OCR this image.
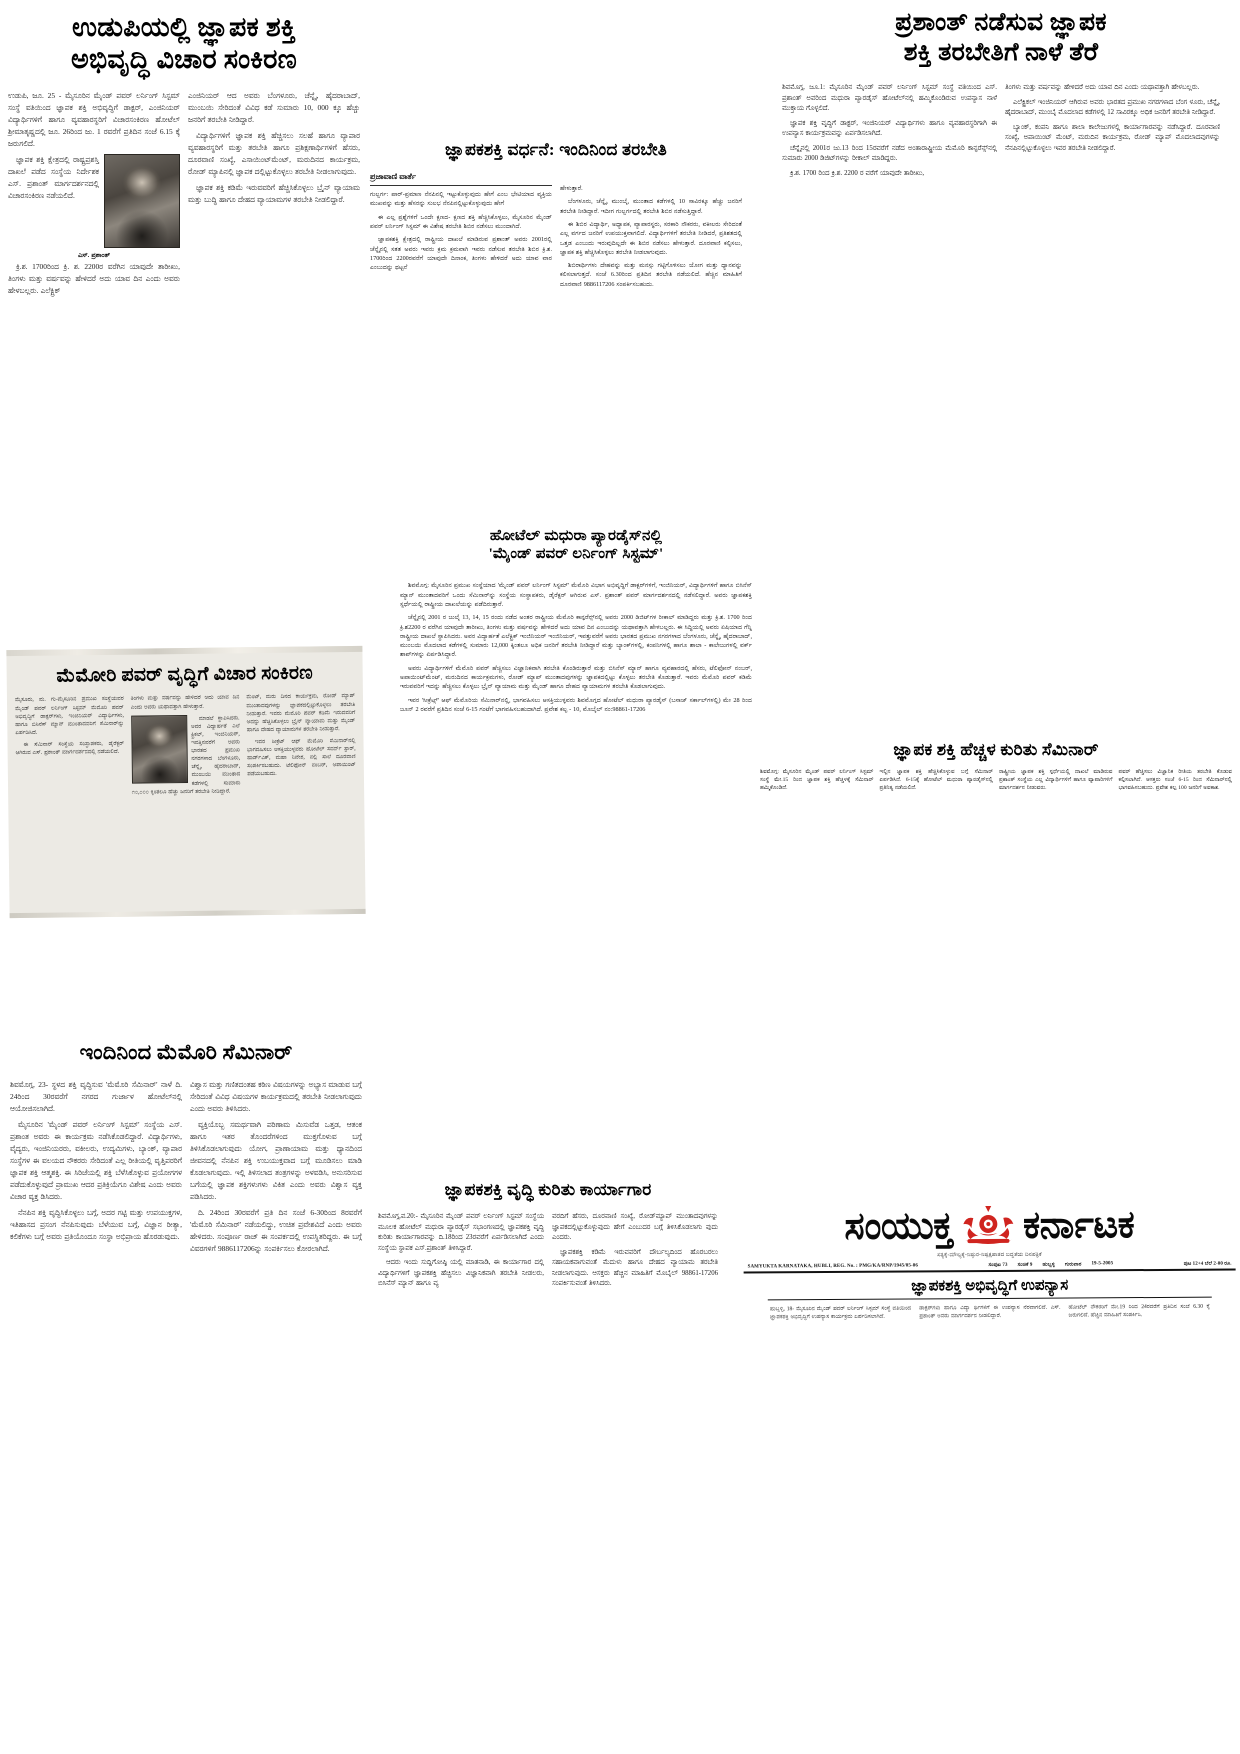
ಉಡುಪಿಯಲ್ಲಿ ಜ್ಞಾಪಕ ಶಕ್ತಿ
ಅಭಿವೃದ್ಧಿ ವಿಚಾರ ಸಂಕಿರಣ

ಉಡುಪಿ, ಜೂ. 25 - ಮೈಸೂರಿನ ಮೈಂಡ್ ಪವರ್ ಲರ್ನಿಂಗ್ ಸಿಸ್ಟಮ್ ಸಂಸ್ಥೆ ವತಿಯಿಂದ ಜ್ಞಾಪಕ ಶಕ್ತಿ ಅಭಿವೃದ್ಧಿಗೆ ಡಾಕ್ಟರ್, ಎಂಜಿನಿಯರ್ ವಿದ್ಯಾರ್ಥಿಗಳಿಗೆ ಹಾಗೂ ವ್ಯವಹಾರಸ್ಥರಿಗೆ ವಿಚಾರಸಂಕಿರಣ ಹೋಟೆಲ್ ಶ್ರೀಮಾತೃಷ್ಣದಲ್ಲಿ ಜೂ. 26ರಿಂದ ಜು. 1 ರವರೆಗೆ ಪ್ರತಿದಿನ ಸಂಜೆ 6.15 ಕ್ಕೆ ಜರುಗಲಿದೆ.

ಜ್ಞಾಪಕ ಶಕ್ತಿ ಕ್ಷೇತ್ರದಲ್ಲಿ ರಾಷ್ಟ್ರಪ್ರಶಸ್ತಿ ದಾಖಲೆ ಪಡೆದ ಸಂಸ್ಥೆಯ ನಿರ್ದೇಶಕ ಎಸ್. ಪ್ರಶಾಂತ್ ಮಾರ್ಗದರ್ಶನದಲ್ಲಿ ವಿಚಾರಸಂಕಿರಣ ನಡೆಯಲಿದೆ.

ಎಸ್. ಪ್ರಶಾಂತ್

ಕ್ರಿ.ಶ. 1700ರಿಂದ ಕ್ರಿ. ಶ. 2200ರ ವರೆಗಿನ ಯಾವುದೇ ತಾರೀಖು, ತಿಂಗಳು ಮತ್ತು ವರ್ಷವನ್ನು ಹೇಳಿದರೆ ಅದು ಯಾವ ದಿನ ಎಂದು ಅವರು ಹೇಳಬಲ್ಲರು. ಎಲೆಕ್ಟ್ರಿಕ್

ಎಂಜಿನಿಯರ್ ಆದ ಅವರು ಬೆಂಗಳೂರು, ಚೆನ್ನೈ, ಹೈದರಾಬಾದ್, ಮುಂಬಯಿ ಸೇರಿದಂತೆ ವಿವಿಧ ಕಡೆ ಸುಮಾರು 10, 000 ಕ್ಕೂ ಹೆಚ್ಚು ಜನರಿಗೆ ತರಬೇತಿ ನೀಡಿದ್ದಾರೆ.

ವಿದ್ಯಾರ್ಥಿಗಳಿಗೆ ಜ್ಞಾಪಕ ಶಕ್ತಿ ಹೆಚ್ಚಿಸಲು ಸಲಹೆ ಹಾಗೂ ವ್ಯಾಪಾರ ವ್ಯವಹಾರಸ್ಥರಿಗೆ ಮತ್ತು ತರಬೇತಿ ಹಾಗೂ ಪ್ರಶಿಕ್ಷಣಾರ್ಥಿಗಳಿಗೆ ಹೆಸರು, ದೂರವಾಣಿ ಸಂಖ್ಯೆ, ಎಸಾಯಿಂಟ್‌ಮೆಂಟ್, ಮರುದಿನದ ಕಾರ್ಯಕ್ರಮ, ರೋಡ್ ಮ್ಯಾಪಿನಲ್ಲಿ ಜ್ಞಾಪಕ ದಲ್ಲಿಟ್ಟುಕೊಳ್ಳಲು ತರಬೇತಿ ನೀಡಲಾಗುವುದು.

ಜ್ಞಾಪಕ ಶಕ್ತಿ ಕಡಿಮೆ ಇರುವವರಿಗೆ ಹೆಚ್ಚಿಸಿಕೊಳ್ಳಲು ಬ್ರೈನ್ ವ್ಯಾಯಾಮ ಮತ್ತು ಬುದ್ಧಿ ಹಾಗೂ ದೇಹದ ವ್ಯಾಯಾಮಗಳ ತರಬೇತಿ ನೀಡಲಿದ್ದಾರೆ.

ಜ್ಞಾಪಕಶಕ್ತಿ ವರ್ಧನೆ: ಇಂದಿನಿಂದ ತರಬೇತಿ
ಪ್ರಜಾವಾಣಿ ವಾರ್ತೆ

ಗುಲ್ಬರ್ಗ: ಪಾರ್-ಪ್ರಮಾಣ ನೆನಪಿನಲ್ಲಿ ಇಟ್ಟುಕೊಳ್ಳುವುದು ಹೇಗೆ ಎಂಬ ಭೇಟಿಯಾದ ವ್ಯಕ್ತಿಯ ಮುಖವನ್ನು ಮತ್ತು ಹೆಸರನ್ನು ಸುಲಭ ನೆನಪಿನಲ್ಲಿಟ್ಟುಕೊಳ್ಳುವುದು ಹೇಗೆ

ಈ ಎಲ್ಲ ಪ್ರಶ್ನೆಗಳಿಗೆ ಒಂದೇ ಕ್ಷಣದ- ಕ್ಷಣದ ಶಕ್ತಿ ಹೆಚ್ಚಿಸಿಕೊಳ್ಳಲು, ಮೈಸೂರಿನ ಮೈಂಡ್ ಪವರ್ ಲರ್ನಿಂಗ್ ಸಿಸ್ಟಮ್ ಈ ವಿಶೇಷ ತರಬೇತಿ ಶಿಬಿರ ನಡೆಸಲು ಮುಂದಾಗಿದೆ.

ಜ್ಞಾಪಕಶಕ್ತಿ ಕ್ಷೇತ್ರದಲ್ಲಿ ರಾಷ್ಟ್ರೀಯ ದಾಖಲೆ ಮಾಡಿರುವ ಪ್ರಶಾಂತ್ ಅವರು 2001ರಲ್ಲಿ ಚೆನ್ನೈನಲ್ಲಿ ಸತತ ಅವರು ಇವರು ಕ್ರಮ ಕ್ರಮವಾಗಿ ಇವರು ನಡೆಸುವ ತರಬೇತಿ ಶಿಬಿರ ಕ್ರಿ.ಶ. 1700ರಿಂದ 2200ರವರೆಗೆ ಯಾವುದೇ ದಿನಾಂಕ, ತಿಂಗಳು ಹೇಳಿದರೆ ಅದು ಯಾವ ವಾರ ಎಂಬುದನ್ನು ಥಟ್ಟನೆ

ಹೇಳುತ್ತಾರೆ.

ಬೆಂಗಳೂರು, ಚೆನ್ನೈ, ಮುಂಬೈ, ಮುಂತಾದ ಕಡೆಗಳಲ್ಲಿ 10 ಸಾವಿರಕ್ಕೂ ಹೆಚ್ಚು ಜನರಿಗೆ ತರಬೇತಿ ನೀಡಿದ್ದಾರೆ. ಇದೀಗ ಗುಲ್ಬರ್ಗದಲ್ಲಿ ತರಬೇತಿ ಶಿಬಿರ ನಡೆಸುತ್ತಿದ್ದಾರೆ.

ಈ ಶಿಬಿರ ವಿದ್ಯಾರ್ಥಿ, ಅಧ್ಯಾಪಕ, ವ್ಯಾಪಾರಸ್ಥರು, ಸರಕಾರಿ ನೌಕರರು, ವಕೀಲರು ಸೇರಿದಂತೆ ಎಲ್ಲ ವರ್ಗದ ಜನರಿಗೆ ಉಪಯುಕ್ತವಾಗಲಿದೆ. ವಿದ್ಯಾರ್ಥಿಗಳಿಗೆ ತರಬೇತಿ ನೀಡಿದರೆ, ಪ್ರತಿಶತದಲ್ಲಿ ಒತ್ತಡ ಎಂಬುದು ಇರುವುದಿಲ್ಲದೇ ಈ ಶಿಬಿರ ನಡೆಸಲು ಹೇಳುತ್ತಾರೆ. ದೂರವಾಣಿ ಕಲ್ಪಿಸಲು, ಜ್ಞಾಪಕ ಶಕ್ತಿ ಹೆಚ್ಚಿಸಿಕೊಳ್ಳಲು ತರಬೇತಿ ನೀಡಲಾಗುವುದು.

ಶಿಬಿರಾರ್ಥಿಗಳು ದೇಹವನ್ನು ಮತ್ತು ಮನಸ್ಸು ಗಟ್ಟಿಗೊಳಿಸಲು ಯೋಗ ಮತ್ತು ಧ್ಯಾನವನ್ನು ಕಲಿಸಲಾಗುತ್ತದೆ. ಸಂಜೆ 6.30ರಿಂದ ಪ್ರತಿದಿನ ತರಬೇತಿ ನಡೆಯಲಿದೆ. ಹೆಚ್ಚಿನ ಮಾಹಿತಿಗೆ ದೂರವಾಣಿ 9886117206 ಸಂಪರ್ಕಿಸಬಹುದು.

ಪ್ರಶಾಂತ್ ನಡೆಸುವ ಜ್ಞಾಪಕ
ಶಕ್ತಿ ತರಬೇತಿಗೆ ನಾಳೆ ತೆರೆ

ಶಿವಮೊಗ್ಗ, ಜೂ.1: ಮೈಸೂರಿನ ಮೈಂಡ್ ಪವರ್ ಲರ್ನಿಂಗ್ ಸಿಸ್ಟಮ್ ಸಂಸ್ಥೆ ವತಿಯಿಂದ ಎಸ್. ಪ್ರಶಾಂತ್ ಅವರಿಂದ ಮಧುರಾ ಪ್ಯಾರಡೈಸ್ ಹೋಟೆಲ್‌ನಲ್ಲಿ ಹಮ್ಮಿಕೊಂಡಿರುವ ಉಪನ್ಯಾಸ ನಾಳೆ ಮುಕ್ತಾಯ ಗೊಳ್ಳಲಿದೆ.

ಜ್ಞಾಪಕ ಶಕ್ತಿ ವೃದ್ಧಿಗೆ ಡಾಕ್ಟರ್, ಇಂಜಿನಿಯರ್ ವಿದ್ಯಾರ್ಥಿಗಳು ಹಾಗೂ ವ್ಯವಹಾರಸ್ಥರಿಗಾಗಿ ಈ ಉಪನ್ಯಾಸ ಕಾರ್ಯಕ್ರಮವನ್ನು ಏರ್ಪಡಿಸಲಾಗಿದೆ.

ಚೆನ್ನೈನಲ್ಲಿ 2001ರ ಜು.13 ರಿಂದ 15ರವರೆಗೆ ನಡೆದ ಅಂತಾರಾಷ್ಟ್ರೀಯ ಮೆಮೊರಿ ಕಾನ್ಫರೆನ್ಸ್‌ನಲ್ಲಿ ಸುಮಾರು 2000 ಡಿಜಿಟ್‌ಗಳನ್ನು ರೀಕಾಲ್ ಮಾಡಿದ್ದರು.

ಕ್ರಿ.ಶ. 1700 ರಿಂದ ಕ್ರಿ.ಶ. 2200 ರ ವರೆಗೆ ಯಾವುದೇ ತಾರೀಖು,

ತಿಂಗಳು ಮತ್ತು ವರ್ಷವನ್ನು ಹೇಳಿದರೆ ಅದು ಯಾವ ದಿನ ಎಂದು ಯಥಾವತ್ತಾಗಿ ಹೇಳಬಲ್ಲರು.

ಎಲೆಕ್ಟ್ರಿಕಲ್ ಇಂಜಿನಿಯರ್ ಆಗಿರುವ ಅವರು ಭಾರತದ ಪ್ರಮುಖ ನಗರಗಳಾದ ಬೆಂಗ ಳೂರು, ಚೆನ್ನೈ, ಹೈದರಾಬಾದ್, ಮುಂಬೈ ಮೊದಲಾದ ಕಡೆಗಳಲ್ಲಿ 12 ಸಾವಿರಕ್ಕೂ ಅಧಿಕ ಜನರಿಗೆ ತರಬೇತಿ ನೀಡಿದ್ದಾರೆ.

ಬ್ಯಾಂಕ್, ಕಂಪನಿ ಹಾಗೂ ಶಾಲಾ ಕಾಲೇಜುಗಳಲ್ಲಿ ಕಾರ್ಯಾಗಾರವನ್ನು ನಡೆಸಿದ್ದಾರೆ. ದೂರವಾಣಿ ಸಂಖ್ಯೆ, ಅಪಾಯಿಂಟ್ ಮೆಂಟ್, ಮರುದಿನ ಕಾರ್ಯಕ್ರಮ, ರೋಡ್ ಮ್ಯಾಪ್ ಮೊದಲಾದವುಗಳನ್ನು ನೆನಪಿನಲ್ಲಿಟ್ಟುಕೊಳ್ಳಲು ಇವರ ತರಬೇತಿ ನೀಡಲಿದ್ದಾರೆ.

ಹೋಟೆಲ್ ಮಧುರಾ ಪ್ಯಾರಡೈಸ್‌ನಲ್ಲಿ
'ಮೈಂಡ್ ಪವರ್ ಲರ್ನಿಂಗ್ ಸಿಸ್ಟಮ್'

ಶಿವಮೊಗ್ಗ: ಮೈಸೂರಿನ ಪ್ರಮುಖ ಸಂಸ್ಥೆಯಾದ 'ಮೈಂಡ್ ಪವರ್ ಲರ್ನಿಂಗ್ ಸಿಸ್ಟಮ್' ಮೆಮೊರಿ ವಿಭಾಗ ಅಭಿವೃದ್ಧಿಗೆ ಡಾಕ್ಟರ್‌ಗಳಿಗೆ, ಇಂಜಿನಿಯರ್, ವಿದ್ಯಾರ್ಥಿಗಳಿಗೆ ಹಾಗೂ ಬಿಸಿನೆಸ್ ಮ್ಯಾನ್ ಮುಂತಾದವರಿಗೆ ಒಂದು ಸೆಮಿನಾರ್‌ನ್ನು ಸಂಸ್ಥೆಯ ಸಂಸ್ಥಾಪಕರು, ಡೈರೆಕ್ಟರ್ ಆಗಿರುವ ಎಸ್. ಪ್ರಶಾಂತ್ ಪವರ್ ಮಾರ್ಗದರ್ಶನದಲ್ಲಿ ನಡೆಸಲಿದ್ದಾರೆ. ಅವರು ಜ್ಞಾಪಕಶಕ್ತಿ ಸ್ಪರ್ಧೆಯಲ್ಲಿ ರಾಷ್ಟ್ರೀಯ ದಾಖಲೆಯನ್ನು ಪಡೆದಿರುತ್ತಾರೆ.

ಚೆನ್ನೈನಲ್ಲಿ 2001 ರ ಜುಲೈ 13, 14, 15 ರಂದು ನಡೆದ ಅಂತರ ರಾಷ್ಟ್ರೀಯ ಮೆಮೊರಿ ಕಾನ್ಫರೆನ್ಸ್‌ನಲ್ಲಿ ಅವರು 2000 ಡಿಜಿಟ್‌ಗಳ ರೀಕಾಲ್ ಮಾಡಿದ್ದರು ಮತ್ತು ಕ್ರಿ.ಶ. 1700 ರಿಂದ ಕ್ರಿ.ಶ2200 ರ ವರೆಗಿನ ಯಾವುದೇ ತಾರೀಖು, ತಿಂಗಳು ಮತ್ತು ವರ್ಷವನ್ನು ಹೇಳಿದರೆ ಅದು ಯಾವ ದಿನ ಎಂಬುದನ್ನು ಯಥಾವತ್ತಾಗಿ ಹೇಳಬಲ್ಲರು. ಈ ಸಿದ್ಧಿಯಲ್ಲಿ ಅವರು ಏಷಿಯಾದ ಗೆನ್ನಿ ರಾಷ್ಟ್ರೀಯ ದಾಖಲೆ ಸ್ಥಾಪಿಸಿದರು. ಅವರ ವಿದ್ಯಾರ್ಹತೆ ಎಲೆಕ್ಟ್ರಿಕ್ ಇಂಜಿನಿಯರ್ ಇಂಜಿನಿಯರ್, ಇವತ್ತುವರೆಗೆ ಅವರು ಭಾರತದ ಪ್ರಮುಖ ನಗರಗಳಾದ ಬೆಂಗಳೂರು, ಚೆನ್ನೈ, ಹೈದರಾಬಾದ್, ಮುಂಬಯಿ ಮೊದಲಾದ ಕಡೆಗಳಲ್ಲಿ ಸುಮಾರು 12,000 ಕ್ಕಿಂತಲೂ ಅಧಿಕ ಜನರಿಗೆ ತರಬೇತಿ ನೀಡಿದ್ದಾರೆ ಮತ್ತು ಬ್ಯಾಂಕ್‌ಗಳಲ್ಲಿ, ಕಂಪನಿಗಳಲ್ಲಿ ಹಾಗೂ ಶಾಲಾ - ಕಾಲೇಜುಗಳಲ್ಲಿ ವರ್ಕ್ ಶಾಪ್‌ಗಳನ್ನು ಏರ್ಪಡಿಸಿದ್ದಾರೆ.

ಅವರು ವಿದ್ಯಾರ್ಥಿಗಳಿಗೆ ಮೆಮೊರಿ ಪವರ್ ಹೆಚ್ಚಿಸಲು ವಿಜ್ಞಾನಿಕವಾಗಿ ತರಬೇತಿ ಕೊಂಡಿರುತ್ತಾರೆ ಮತ್ತು ಬಿಸಿನೆಸ್ ಮ್ಯಾನ್ ಹಾಗೂ ವ್ಯವಹಾರದಲ್ಲಿ ಹೆಸರು, ಟೆಲಿಫೋನ್ ನಂಬರ್, ಅಪಾಯಿಂಟ್‌ಮೆಂಟ್, ಮರುದಿನದ ಕಾರ್ಯಕ್ರಮಗಳು, ರೋಡ್ ಮ್ಯಾಪ್ ಮುಂತಾದವುಗಳನ್ನು ಜ್ಞಾಪಕದಲ್ಲಿಟ್ಟು ಕೊಳ್ಳಲು ತರಬೇತಿ ಕೊಡುತ್ತಾರೆ. ಇವರು ಮೆಮೊರಿ ಪವರ್ ಕಡಿಮೆ ಇರುವವರಿಗೆ ಇದನ್ನು ಹೆಚ್ಚಿಸಲು ಕೊಳ್ಳಲು ಬ್ರೈನ್ ವ್ಯಾಯಾಮ ಮತ್ತು ಮೈಂಡ್ ಹಾಗೂ ದೇಹದ ವ್ಯಾಯಾಮಗಳ ತರಬೇತಿ ಕೊಡಲಾಗುವುದು.

ಇವರ 'ಸೀಕ್ರೆಟ್ಸ್' ಆಫ್ ಮೆಮೊರಿಯ ಸೆಮಿನಾರ್‌ನಲ್ಲಿ, ಭಾಗವಹಿಸಲು ಆಸಕ್ತಿಯುಳ್ಳವರು ಶಿವಮೊಗ್ಗದ ಹೋಟೆಲ್ ಮಧುರಾ ಪ್ಯಾರಡೈಸ್ (ಬಸಾಜ್ ಸರ್ಕಾಲ್‌ಗಳಲ್ಲಿ) ಮೇ 28 ರಿಂದ ಜೂನ್ 2 ರವರೆಗೆ ಪ್ರತಿದಿನ ಸಂಜೆ 6-15 ಗಂಟೆಗೆ ಭಾಗವಹಿಸಬಹುದಾಗಿದೆ. ಪ್ರವೇಶ ಕಲ್ಪ - 10, ಮೊಬೈಲ್ ನಂ:98861-17206

ಮೆಮೋರಿ ಪವರ್ ವೃದ್ಧಿಗೆ ವಿಚಾರ ಸಂಕಿರಣ

ಮೈಸೂರು, ಮ. ಗು-ಮೈಸೂರಿನ ಪ್ರಮುಖ ಸಂಸ್ಥೆಯವರ ಮೈಂಡ್ ಪವರ್ ಲರ್ನಿಂಗ್ ಸಿಸ್ಟಮ್ ಮೆಮೊರಿ ಪವರ್ ಅಭಿವೃದ್ಧಿಗೆ ಡಾಕ್ಟರ್‌ಗಳು, ಇಂಜಿನಿಯರ್ ವಿದ್ಯಾರ್ಥಿಗಳು, ಹಾಗೂ ಬಿಸಿನೆಸ್ ಮ್ಯಾನ್ ಮುಂತಾದವರಿಗೆ ಸೆಮಿನಾರ್‌ನ್ನು ಏರ್ಪಡಿಸಿದೆ.

ಈ ಸೆಮಿನಾರ್ ಸಂಸ್ಥೆಯ ಸಂಸ್ಥಾಪಕರು, ಡೈರೆಕ್ಟರ್ ಆಗಿರುವ ಎಸ್. ಪ್ರಶಾಂತ್ ಮಾರ್ಗದರ್ಶನದಲ್ಲಿ ನಡೆಯಲಿದೆ.

ತಿಂಗಳು ಮತ್ತು ವರ್ಷವನ್ನು ಹೇಳಿದರೆ ಅದು ಯಾವ ದಿನ ಎಂದು ಅವರು ಯಥಾವತ್ತಾಗಿ ಹೇಳುತ್ತಾರೆ.

ಮಾಡಲೆ ಸ್ಥಾಪಿಸಿದರು. ಅವರ ವಿದ್ಯಾರ್ಹತೆ ಎಲೆ ಕ್ಟ್ರಿಕಲ್, ಇಂಜಿನಿಯರ್, ಇವತ್ತಿನವರೆಗೆ ಅವರು ಭಾರತದ ಪ್ರಮುಖ ನಗರಗಳಾದ ಬೆಂಗಳೂರು, ಚೆನ್ನೈ, ಹೈದರಾಬಾದ್, ಮುಂಬಯಿ ಮುಂತಾದ ಕಡೆಗಳಲ್ಲಿ ಸುಮಾರು ೧೦,೦೦೦ ಕ್ಕಿಂತಲೂ ಹೆಚ್ಚು ಜನರಿಗೆ ತರಬೇತಿ ನೀಡಿದ್ದಾರೆ.

ಮೆಂಟ್, ಮರು ದಿನದ ಕಾರ್ಯಕ್ರಮ, ರೋಡ್ ಮ್ಯಾಪ್ ಮುಂತಾದವುಗಳನ್ನು ಜ್ಞಾಪಕದಲ್ಲಿಟ್ಟುಕೊಳ್ಳಲು ತರಬೇತಿ ನೀಡುತ್ತಾರೆ. ಇವರು ಮೆಮೊರಿ ಪವರ್ ಕಡಿಮೆ ಇರುವವರಿಗೆ ಅದನ್ನು ಹೆಚ್ಚಿಸಿಕೊಳ್ಳಲು ಬ್ರೈನ್ ವ್ಯಾಯಾಮ ಮತ್ತು ಮೈಂಡ್ ಹಾಗೂ ದೇಹದ ವ್ಯಾಯಾಮಗಳ ತರಬೇತಿ ನೀಡುತ್ತಾರೆ.

ಇವರ ಸೀಕ್ರೆಟ್ ಆಫ್ ಮೆಮೊರಿ ಸೆಮಿನಾರ್‌ನಲ್ಲಿ ಭಾಗವಹಿಸಲು ಆಸಕ್ತಿಯುಳ್ಳವರು ಹೋಟೆಲ್ ಸದರ್ನ್ ಸ್ಟಾರ್, ಹಾರ್ಡ್‌ವಿಕ್, ಮಹಾ ನಿವೇಶ, ನಲ್ಲಿ ಸಾಲೆ ದೂರವಾಣಿ ಸಂಪರ್ಕಿಸಬಹುದು. ಟೆಲಿಫೋನ್ ನಂಬರ್, ಅಪಾಯಿಂಟ್ ಪಡೆಯಬಹುದು.

ಜ್ಞಾಪಕ ಶಕ್ತಿ ಹೆಚ್ಚಳ ಕುರಿತು ಸೆಮಿನಾರ್

ಶಿವಮೊಗ್ಗ: ಮೈಸೂರಿನ ಮೈಂಡ್ ಪವರ್ ಲರ್ನಿಂಗ್ ಸಿಸ್ಟಮ್ ಸಂಸ್ಥೆ ಮೇ.15 ರಿಂದ ಜ್ಞಾಪಕ ಶಕ್ತಿ ಹೆಚ್ಚಳಕ್ಕೆ ಸೆಮಿನಾರ್ ಹಮ್ಮಿಕೊಂಡಿದೆ.

ಇಲ್ಲಿನ ಜ್ಞಾಪಕ ಶಕ್ತಿ ಹೆಚ್ಚಿಸಿಕೊಳ್ಳುವ ಬಗ್ಗೆ ಸೆಮಿನಾರ್ ಏರ್ಪಡಿಸಿದೆ. 6-15ಕ್ಕೆ ಹೋಟೆಲ್ ಮಧುರಾ ಪ್ಯಾರಡೈಸ್‌ನಲ್ಲಿ ಪ್ರತಿನಿತ್ಯ ನಡೆಯಲಿದೆ.

ರಾಷ್ಟ್ರೀಯ ಜ್ಞಾಪಕ ಶಕ್ತಿ ಸ್ಪರ್ಧೆಯಲ್ಲಿ ದಾಖಲೆ ಮಾಡಿರುವ ಪ್ರಶಾಂತ್ ಸಂಸ್ಥೆಯ ಎಲ್ಲ ವಿದ್ಯಾರ್ಥಿಗಳಿಗೆ ಹಾಗೂ ವ್ಯಾಪಾರಿಗಳಿಗೆ ಮಾರ್ಗದರ್ಶನ ನೀಡುವರು.

ಪವರ್ ಹೆಚ್ಚಿಸಲು ವಿಜ್ಞಾನಿಕ ರೀತಿಯ ತರಬೇತಿ ಕೊಡುವ ಕಲ್ಪಿಸಲಾಗಿದೆ. ಆಸಕ್ತರು ಸಂಜೆ 6-15 ರಿಂದ ಸೆಮಿನಾರ್‌ನಲ್ಲಿ ಭಾಗವಹಿಸಬಹುದು. ಪ್ರವೇಶ ಕಲ್ಪ 100 ಜನರಿಗೆ ಅವಕಾಶ.

ಇಂದಿನಿಂದ ಮೆಮೊರಿ ಸೆಮಿನಾರ್

ಶಿವಮೊಗ್ಗ, 23- ಸ್ಥಳದ ಶಕ್ತಿ ವೃದ್ಧಿಸುವ 'ಮೆಮೊರಿ ಸೆಮಿನಾರ್' ನಾಳೆ ದಿ. 24ರಿಂದ 30ರವರೆಗೆ ನಗರದ ಗುರ್ಜಾಳ ಹೋಟೆಲ್‌ನಲ್ಲಿ ಆಯೋಜಿಸಲಾಗಿದೆ.

ಮೈಸೂರಿನ 'ಮೈಂಡ್ ಪವರ್ ಲರ್ನಿಂಗ್ ಸಿಸ್ಟಮ್' ಸಂಸ್ಥೆಯ ಎಸ್. ಪ್ರಶಾಂತ ಅವರು ಈ ಕಾರ್ಯಕ್ರಮ ನಡೆಸಿಕೊಡಲಿದ್ದಾರೆ. ವಿದ್ಯಾರ್ಥಿಗಳು, ವೈದ್ಯರು, ಇಂಜಿನಿಯರರು, ವಕೀಲರು, ಉದ್ಯಮಿಗಳು, ಬ್ಯಾಂಕ್, ವ್ಯಾಪಾರ ಸಂಸ್ಥೆಗಳ ಈ ವಲಯದ ನೌಕರರು ಸೇರಿದಂತೆ ಎಲ್ಲ ರೀತಿಯಲ್ಲಿ ವೃತ್ತಿಪರರಿಗೆ ಜ್ಞಾಪಕ ಶಕ್ತಿ ಆತ್ಮಶಕ್ತಿ. ಈ ಸಿರಿಜೆಯಲ್ಲಿ ಶಕ್ತಿ ಬೆಳೆಸಿಕೊಳ್ಳುವ ಪ್ರಯೋಗಗಳ ಪಡೆದುಕೊಳ್ಳುವುದೆ ಪ್ರಾಮುಖ ಆದರ ಪ್ರತಿಕ್ರಿಯೆಗೂ ವಿಶೇಷ ಎಂದು ಅವರು ವಿಚಾರ ವ್ಯಕ್ತ ಡಿಸಿದರು.

ನೆನಪಿನ ಶಕ್ತಿ ವೃದ್ಧಿಸಿಕೊಳ್ಳಲು ಬಗ್ಗೆ, ಅದರ ಗಟ್ಟಿ ಮತ್ತು ಉಪಯುಕ್ತಗಳ, ಇತಿಹಾಸದ ಪ್ರಸಂಗ ನೆನಪಿಸುವುದು ಬೆಳೆಯುವ ಬಗ್ಗೆ, ವಿಜ್ಞಾನ ರೀತ್ಯಾ, ಕಲಿಕೆಗಳು ಬಗ್ಗೆ ಅವರು ಪ್ರತಿಯೊಂದೂ ಸಂಸ್ಥಾ ಅಭಿಪ್ರಾಯ ಹೊರಡುವುದು.

ವಿಶ್ವಾಸ ಮತ್ತು ಗಣಿತದಂತಹ ಕಠಿಣ ವಿಷಯಗಳನ್ನು ಅಭ್ಯಾಸ ಮಾಡುವ ಬಗ್ಗೆ ಸೇರಿದಂತೆ ವಿವಿಧ ವಿಷಯಗಳ ಕಾರ್ಯಕ್ರಮದಲ್ಲಿ ತರಬೇತಿ ನೀಡಲಾಗುವುದು ಎಂದು ಅವರು ತಿಳಿಸಿದರು.

ವ್ಯಕ್ತಿಯೊಬ್ಬ ಸಮರ್ಥವಾಗಿ ಪರಿಣಾಮ ಮಿಸುವೆಡ ಒತ್ತಡ, ಆತಂಕ ಹಾಗೂ ಇತರ ತೊಂದರೆಗಳಿಂದ ಮುಕ್ತಗೊಳುವ ಬಗ್ಗೆ ತಿಳಿಸಿಕೊಡಲಾಗುವುದು ಯೋಗ, ಪ್ರಾಣಾಯಾಮ ಮತ್ತು ಧ್ಯಾನದಿಂದ ಜೀವನದಲ್ಲಿ ನೆನಪಿನ ಶಕ್ತಿ ಉಬಯುಕ್ತವಾದ ಬಗ್ಗೆ ಮೂಡಿಸಲು ಮಾಡಿ ಕೊಡಲಾಗುವುದು. ಇಲ್ಲಿ ತಿಳಿಸಲಾದ ತಂತ್ರಗಳನ್ನು ಅಳವಡಿಸಿ, ಅನುಸರಿಸುವ ಬಗೆಯಲ್ಲಿ ಜ್ಞಾಪಕ ಶಕ್ತಿಗಳುಗಳು ವಿಕಿತ ಎಂದು ಅವರು ವಿಶ್ವಾಸ ವ್ಯಕ್ತ ಪಡಿಸಿದರು.

ದಿ. 24ರಿಂದ 30ರವರೆಗೆ ಪ್ರತಿ ದಿನ ಸಂಜೆ 6-30ರಿಂದ 8ರವರೆಗೆ 'ಮೆಮೊರಿ ಸೆಮಿನಾರ್' ನಡೆಯಲಿದ್ದು, ಉಚಿತ ಪ್ರವೇಶವಿದೆ ಎಂದು ಅವರು ಹೇಳಿದರು. ಸಂಪೂರ್ಣ ರಾಜ್ ಈ ಸಂಪರ್ಕದಲ್ಲಿ ಉಪಸ್ಥಿತರಿದ್ದರು. ಈ ಬಗ್ಗೆ ವಿವರಗಳಿಗೆ 9886117206ನ್ನು ಸಂಪರ್ಕಿಸಲು ಕೋರಲಾಗಿದೆ.

ಜ್ಞಾಪಕಶಕ್ತಿ ವೃದ್ಧಿ ಕುರಿತು ಕಾರ್ಯಾಗಾರ

ಶಿವಮೊಗ್ಗ,ವ.20:- ಮೈಸೂರಿನ ಮೈಂಡ್ ಪವರ್ ಲರ್ನಿಂಗ್ ಸಿಸ್ಟಮ್ ಸಂಸ್ಥೆಯ ಮೂಲಕ ಹೋಟೆಲ್ ಮಧುರಾ ಪ್ಯಾರಡೈಸ್ ಸಭಾಂಗಣದಲ್ಲಿ ಜ್ಞಾಪಕಶಕ್ತಿ ವೃದ್ಧಿ ಕುರಿತು ಕಾರ್ಯಾಗಾರವನ್ನು ದಿ.18ರಿಂದ 23ರವರೆಗೆ ಏರ್ಪಡಿಸಲಾಗಿದೆ ಎಂದು ಸಂಸ್ಥೆಯ ಸ್ಥಾಪಕ ಎಸ್.ಪ್ರಶಾಂತ್ ತಿಳಿಸಿದ್ದಾರೆ.

ಆದರು ಇಂದು ಸುದ್ದಿಗೋಷ್ಠಿ ಯಲ್ಲಿ ಮಾತನಾಡಿ, ಈ ಕಾರ್ಯಾಗಾರ ದಲ್ಲಿ ವಿದ್ಯಾರ್ಥಿಗಳಿಗೆ ಜ್ಞಾಪಕಶಕ್ತಿ ಹೆಚ್ಚಿಸಲು ವಿಜ್ಞಾನಿಕವಾಗಿ ತರಬೇತಿ ನೀಡಲರು, ಬಿಸಿನೆಸ್ ಮ್ಯಾನ್ ಹಾಗೂ ವ್ಯ

ವರದಿಗೆ ಹೆಸರು, ದೂರವಾಣಿ ಸಂಖ್ಯೆ, ರೋಡ್‌ಮ್ಯಾಪ್ ಮುಂತಾದವುಗಳನ್ನು ಜ್ಞಾಪಕದಲ್ಲಿಟ್ಟುಕೊಳ್ಳುವುದು ಹೇಗೆ ಎಂಬುದರ ಬಗ್ಗೆ ತಿಳಿಸಿಕೊಡಲಾಗು ವುದು ಎಂದರು.

ಜ್ಞಾಪಕಶಕ್ತಿ ಕಡಿಮೆ ಇರುವವರಿಗೆ ದೌರ್ಬಲ್ಯದಿಂದ ಹೊರಬರಲು ಸಹಾಯಕವಾಗುವಂತೆ ಮೆದುಳು ಹಾಗೂ ದೇಹದ ವ್ಯಾಯಾಮ ತರಬೇತಿ ನೀಡಲಾಗುವುದು. ಆಸಕ್ತರು ಹೆಚ್ಚಿನ ಮಾಹಿತಿಗೆ ಮೊಬೈಲ್ 98861-17206 ಸಂಪರ್ಕಿಸುವಂತೆ ತಿಳಿಸಿದರು.

ಸಂಯುಕ್ತ ಕರ್ನಾಟಕ
ಸತ್ಯಕ್ಕೆ-ಮೌಲ್ಯಕ್ಕೆ-ನಿಷ್ಠುರ-ನಿಷ್ಪಕ್ಷಪಾತದ ಬದ್ಧತೆಯ ದಿನಪತ್ರಿಕೆ
SAMYUKTA KARNATAKA, HUBLI, REG. No. : PMG/KA/RNP/1945/05-06	ಸಂಪುಟ 73 ಸಂಚಿಕೆ 9 ಹುಬ್ಬಳ್ಳಿ ಗುರುವಾರ 19-5-2005	ಪುಟ 12+4 ಬೆಲೆ 2-00 ರೂ.
ಜ್ಞಾಪಕಶಕ್ತಿ ಅಭಿವೃದ್ಧಿಗೆ ಉಪನ್ಯಾಸ

ಹುಬ್ಬಳ್ಳಿ, 18- ಮೈಸೂರಿನ ಮೈಂಡ್ ಪವರ್ ಲರ್ನಿಂಗ್ ಸಿಸ್ಟಮ್ ಸಂಸ್ಥೆ ವತಿಯಿಂದ ಜ್ಞಾಪಕಶಕ್ತಿ ಅಭಿವೃದ್ಧಿಗೆ ಉಪನ್ಯಾಸ ಕಾರ್ಯಕ್ರಮ ಏರ್ಪಡಿಸಲಾಗಿದೆ.

ಡಾಕ್ಟರ್‌ಗಳು ಹಾಗೂ ವಿದ್ಯಾ ರ್ಥಿಗಳಿಗೆ ಈ ಉಪನ್ಯಾಸ ನೆರವಾಗಲಿದೆ. ಎಸ್. ಪ್ರಶಾಂತ್ ಅವರು ಮಾರ್ಗದರ್ಶನ ನೀಡಲಿದ್ದಾರೆ.

ಹೋಟೆಲ್ ನೌಕರರಿಗೆ ಮೇ.19 ರಿಂದ 24ರವರೆಗೆ ಪ್ರತಿದಿನ ಸಂಜೆ 6.30 ಕ್ಕೆ ಜರುಗಲಿದೆ. ಹೆಚ್ಚಿನ ಮಾಹಿತಿಗೆ ಸಂಪರ್ಕಿಸಿ.
